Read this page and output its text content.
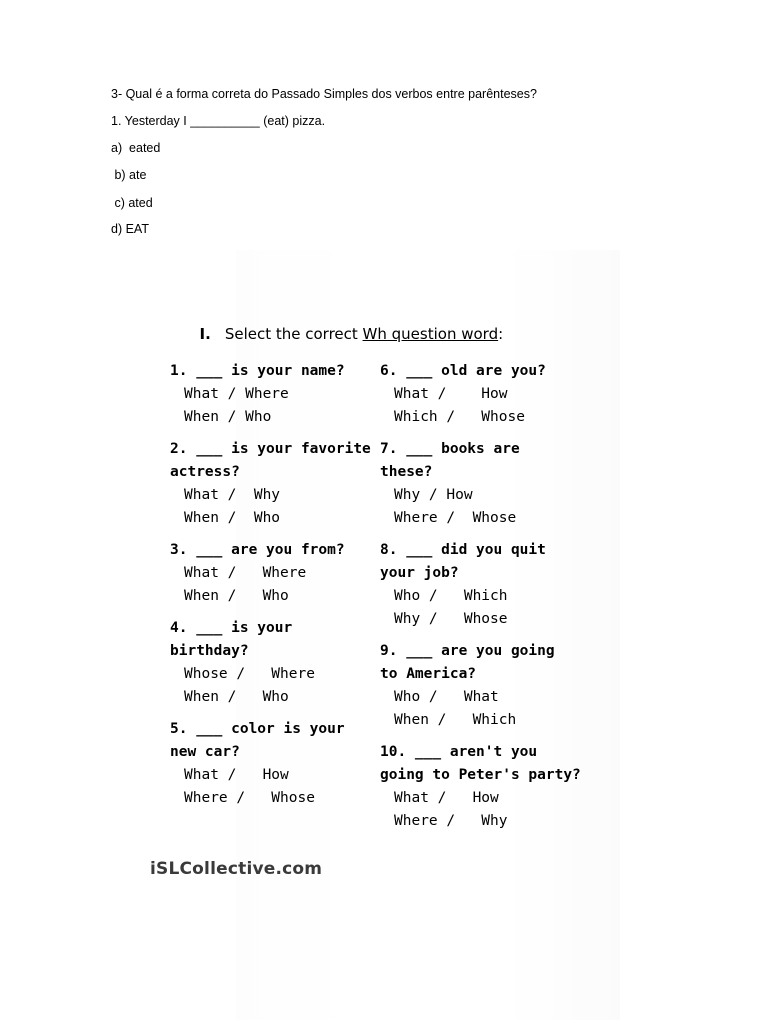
3- Qual é a forma correta do Passado Simples dos verbos entre parênteses?
1. Yesterday I __________ (eat) pizza.
a)  eated
b) ate
c) ated
d) EAT

I. Select the correct Wh question word:

1. ___ is your name?
What / Where
When / Who
2. ___ is your favorite
actress?
What /  Why
When /  Who
3. ___ are you from?
What /   Where
When /   Who
4. ___ is your
birthday?
Whose /   Where
When /   Who
5. ___ color is your
new car?
What /   How
Where /   Whose
6. ___ old are you?
What /    How
Which /   Whose
7. ___ books are
these?
Why / How
Where /  Whose
8. ___ did you quit
your job?
Who /   Which
Why /   Whose
9. ___ are you going
to America?
Who /   What
When /   Which
10. ___ aren't you
going to Peter's party?
What /   How
Where /   Why
iSLCollective.com
